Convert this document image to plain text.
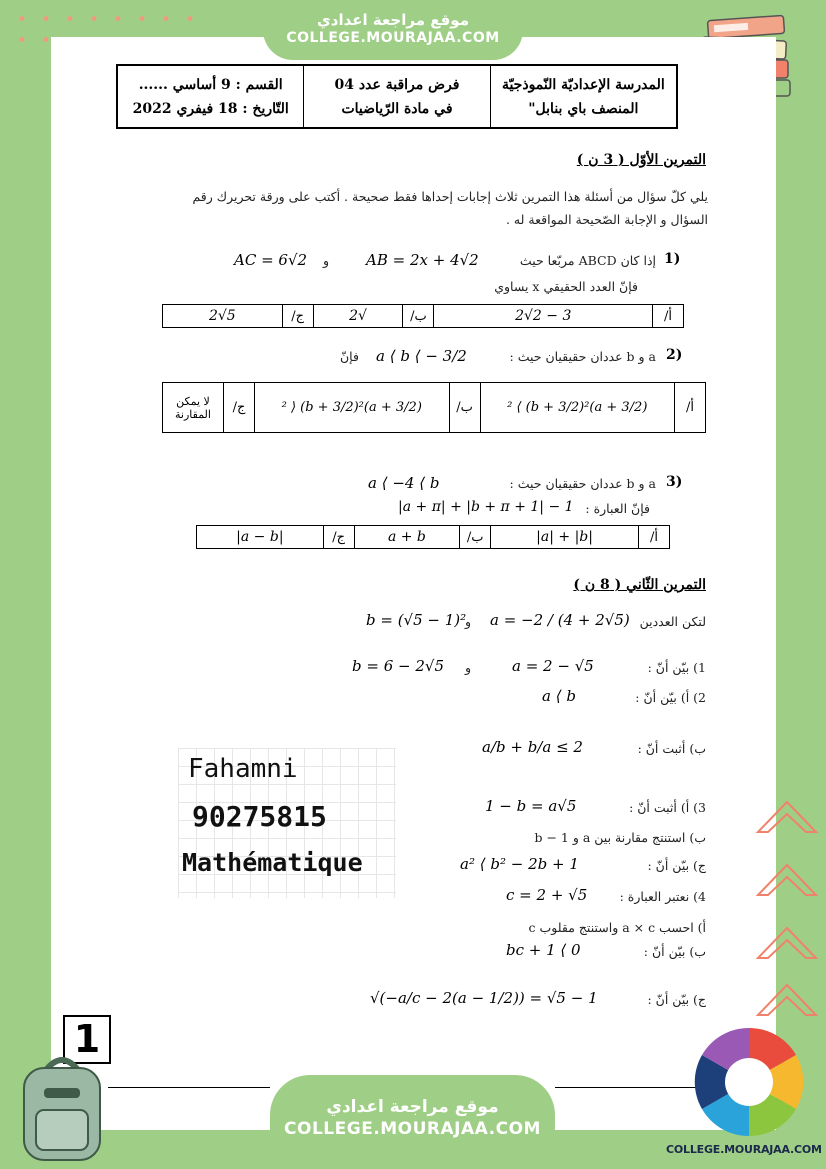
موقع مراجعة اعدادي
COLLEGE.MOURAJAA.COM
المدرسة الإعداديّة النّموذجيّة
المنصف باي بنابل"
فرض مراقبة عدد 04
في مادة الرّياضيات
القسم : 9 أساسي ......
التّاريخ : 18 فيفري 2022
التمرين الأوّل ( 3 ن )
يلي كلّ سؤال من أسئلة هذا التمرين ثلاث إجابات إحداها فقط صحيحة . أكتب على ورقة تحريرك رقم
السؤال و الإجابة الصّحيحة المواقعة له .
1)
إذا كان ABCD مربّعا حيث
AB = 2x + 4√2
و
AC = 6√2
فإنّ العدد الحقيقي x يساوي
أ/	3 − 2√2	ب/	√2	ج/	5√2
2)
a و b عددان حقيقيان حيث :
a ⟨ b ⟨ − 3/2
فإنّ
أ/	(a + 3/2)² ⟨ (b + 3/2)²	ب/	(a + 3/2)² ⟩ (b + 3/2)²	ج/	لا يمكن المقارنة
3)
a و b عددان حقيقيان حيث :
a ⟨ −4 ⟨ b
فإنّ العبارة :
|a + π| + |b + π + 1| − 1
أ/	|a| + |b|	ب/	a + b	ج/	|a − b|
التمرين الثّاني ( 8 ن )
لتكن العددين
a = −2 / (4 + 2√5)
و
b = (√5 − 1)²
1) بيّن أنّ :
a = 2 − √5
و
b = 6 − 2√5
2) أ) بيّن أنّ :
a ⟨ b
ب) أثبت أنّ :
a/b + b/a ≤ 2
3) أ) أثبت أنّ :
1 − b = a√5
ب) استنتج مقارنة بين a و b − 1
ج) بيّن أنّ :
a² ⟨ b² − 2b + 1
4) نعتبر العبارة :
c = 2 + √5
أ) احسب a × c واستنتج مقلوب c
ب) بيّن أنّ :
bc + 1 ⟨ 0
ج) بيّن أنّ :
√(−a/c − 2(a − 1/2)) = √5 − 1
Fahamni
90275815
Mathématique
1
COLLEGE.MOURAJAA.COM
موقع مراجعة اعدادي
COLLEGE.MOURAJAA.COM
